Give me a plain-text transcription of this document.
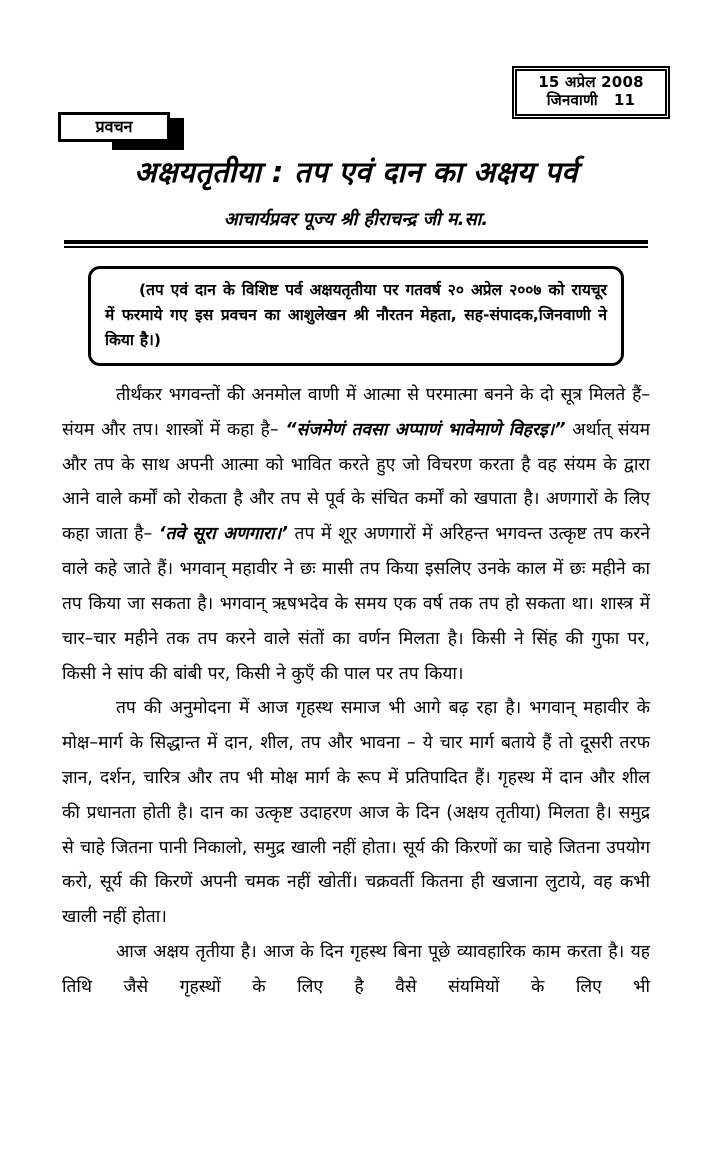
15 अप्रेल 2008
जिनवाणी 11
प्रवचन
अक्षयतृतीया : तप एवं दान का अक्षय पर्व
आचार्यप्रवर पूज्य श्री हीराचन्द्र जी म.सा.
(तप एवं दान के विशिष्ट पर्व अक्षयतृतीया पर गतवर्ष २० अप्रेल २००७ को रायचूर में फरमाये गए इस प्रवचन का आशुलेखन श्री नौरतन मेहता, सह-संपादक,जिनवाणी ने किया है।)

तीर्थंकर भगवन्तों की अनमोल वाणी में आत्मा से परमात्मा बनने के दो सूत्र मिलते हैं– संयम और तप। शास्त्रों में कहा है– “संजमेणं तवसा अप्पाणं भावेमाणे विहरइ।” अर्थात् संयम और तप के साथ अपनी आत्मा को भावित करते हुए जो विचरण करता है वह संयम के द्वारा आने वाले कर्मों को रोकता है और तप से पूर्व के संचित कर्मों को खपाता है। अणगारों के लिए कहा जाता है– ‘तवे सूरा अणगारा।’ तप में शूर अणगारों में अरिहन्त भगवन्त उत्कृष्ट तप करने वाले कहे जाते हैं। भगवान् महावीर ने छः मासी तप किया इसलिए उनके काल में छः महीने का तप किया जा सकता है। भगवान् ऋषभदेव के समय एक वर्ष तक तप हो सकता था। शास्त्र में चार–चार महीने तक तप करने वाले संतों का वर्णन मिलता है। किसी ने सिंह की गुफा पर, किसी ने सांप की बांबी पर, किसी ने कुएँ की पाल पर तप किया।

तप की अनुमोदना में आज गृहस्थ समाज भी आगे बढ़ रहा है। भगवान् महावीर के मोक्ष–मार्ग के सिद्धान्त में दान, शील, तप और भावना – ये चार मार्ग बताये हैं तो दूसरी तरफ ज्ञान, दर्शन, चारित्र और तप भी मोक्ष मार्ग के रूप में प्रतिपादित हैं। गृहस्थ में दान और शील की प्रधानता होती है। दान का उत्कृष्ट उदाहरण आज के दिन (अक्षय तृतीया) मिलता है। समुद्र से चाहे जितना पानी निकालो, समुद्र खाली नहीं होता। सूर्य की किरणों का चाहे जितना उपयोग करो, सूर्य की किरणें अपनी चमक नहीं खोतीं। चक्रवर्ती कितना ही खजाना लुटाये, वह कभी खाली नहीं होता।

आज अक्षय तृतीया है। आज के दिन गृहस्थ बिना पूछे व्यावहारिक काम करता है। यह तिथि जैसे गृहस्थों के लिए है वैसे संयमियों के लिए भी
